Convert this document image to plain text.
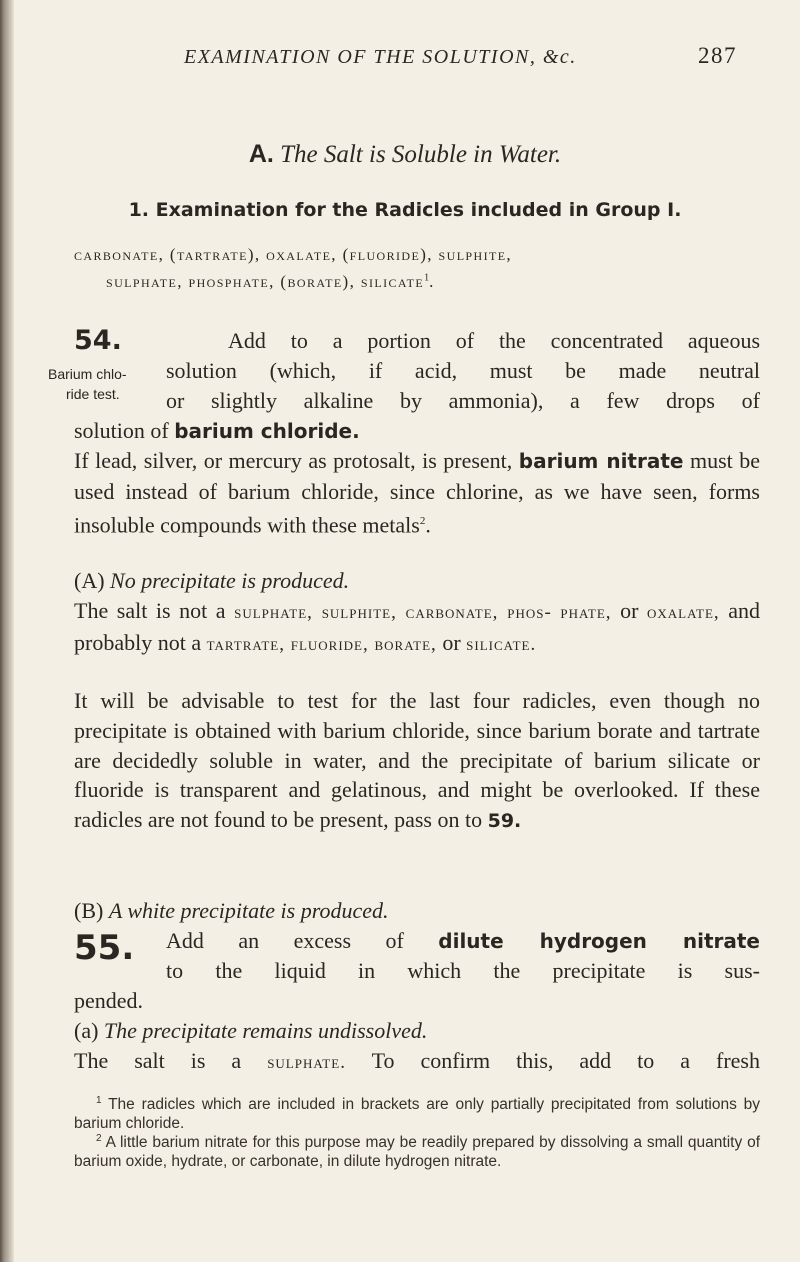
EXAMINATION OF THE SOLUTION, &c.	287
A. The Salt is Soluble in Water.
1. Examination for the Radicles included in Group I.
carbonate, (tartrate), oxalate, (fluoride), sulphite,
sulphate, phosphate, (borate), silicate$^1$.
54.	Add to a portion of the concentrated aqueous
Barium chlo-
ride test.
solution (which, if acid, must be made neutral
or slightly alkaline by ammonia), a few drops of
solution of barium chloride.
If lead, silver, or mercury as protosalt, is present, barium nitrate must be used instead of barium chloride, since chlorine, as we have seen, forms insoluble compounds with these metals$^2$.
(A) No precipitate is produced.
The salt is not a sulphate, sulphite, carbonate, phos- phate, or oxalate, and probably not a tartrate, fluoride, borate, or silicate.
It will be advisable to test for the last four radicles, even though no precipitate is obtained with barium chloride, since barium borate and tartrate are decidedly soluble in water, and the precipitate of barium silicate or fluoride is transparent and gelatinous, and might be overlooked. If these radicles are not found to be present, pass on to 59.
(B) A white precipitate is produced.
55.	Add an excess of dilute hydrogen nitrate
to the liquid in which the precipitate is sus-
pended.
(a) The precipitate remains undissolved.
The salt is a sulphate. To confirm this, add to a fresh
$^1$ The radicles which are included in brackets are only partially precipitated from solutions by barium chloride.
$^2$ A little barium nitrate for this purpose may be readily prepared by dissolving a small quantity of barium oxide, hydrate, or carbonate, in dilute hydrogen nitrate.
